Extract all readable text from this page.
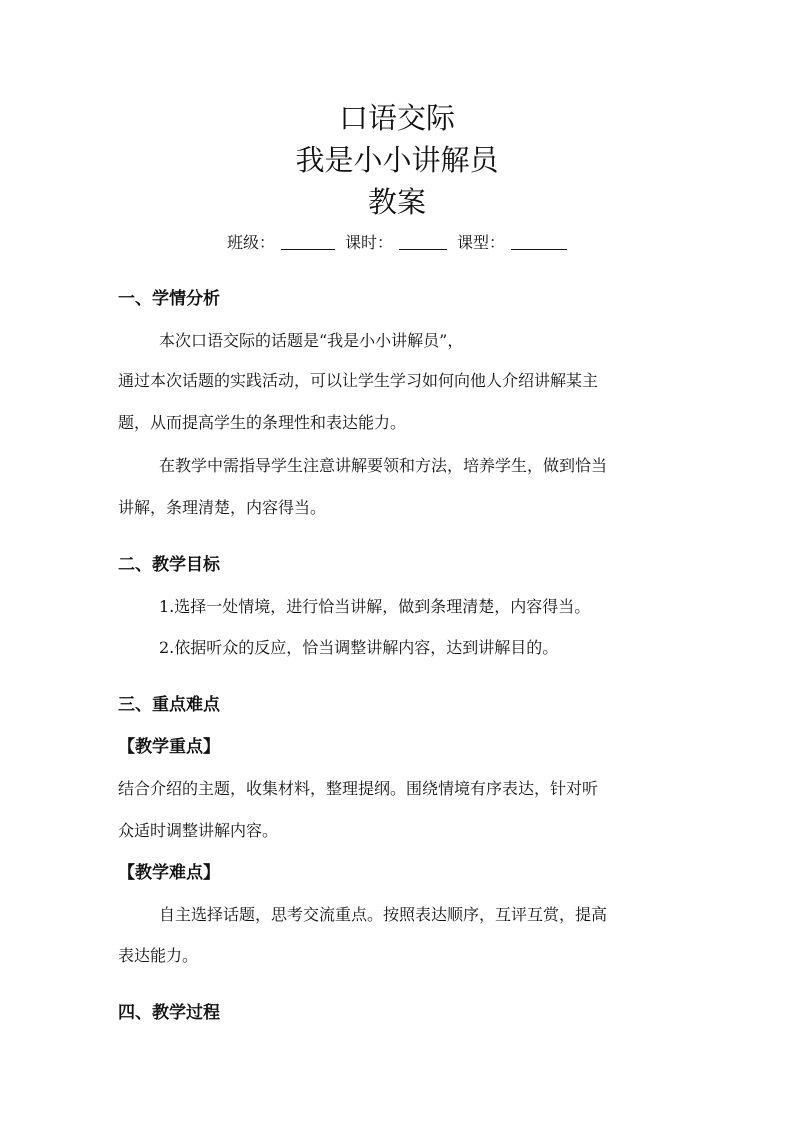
口语交际
我是小小讲解员
教案

班级：	课时：	课型：

一、学情分析

本次口语交际的话题是“我是小小讲解员”，

通过本次话题的实践活动，可以让学生学习如何向他人介绍讲解某主

题，从而提高学生的条理性和表达能力。

在教学中需指导学生注意讲解要领和方法，培养学生，做到恰当

讲解，条理清楚，内容得当。

二、教学目标

1.选择一处情境，进行恰当讲解，做到条理清楚，内容得当。

2.依据听众的反应，恰当调整讲解内容，达到讲解目的。

三、重点难点

【教学重点】

结合介绍的主题，收集材料，整理提纲。围绕情境有序表达，针对听

众适时调整讲解内容。

【教学难点】

自主选择话题，思考交流重点。按照表达顺序，互评互赏，提高

表达能力。

四、教学过程
